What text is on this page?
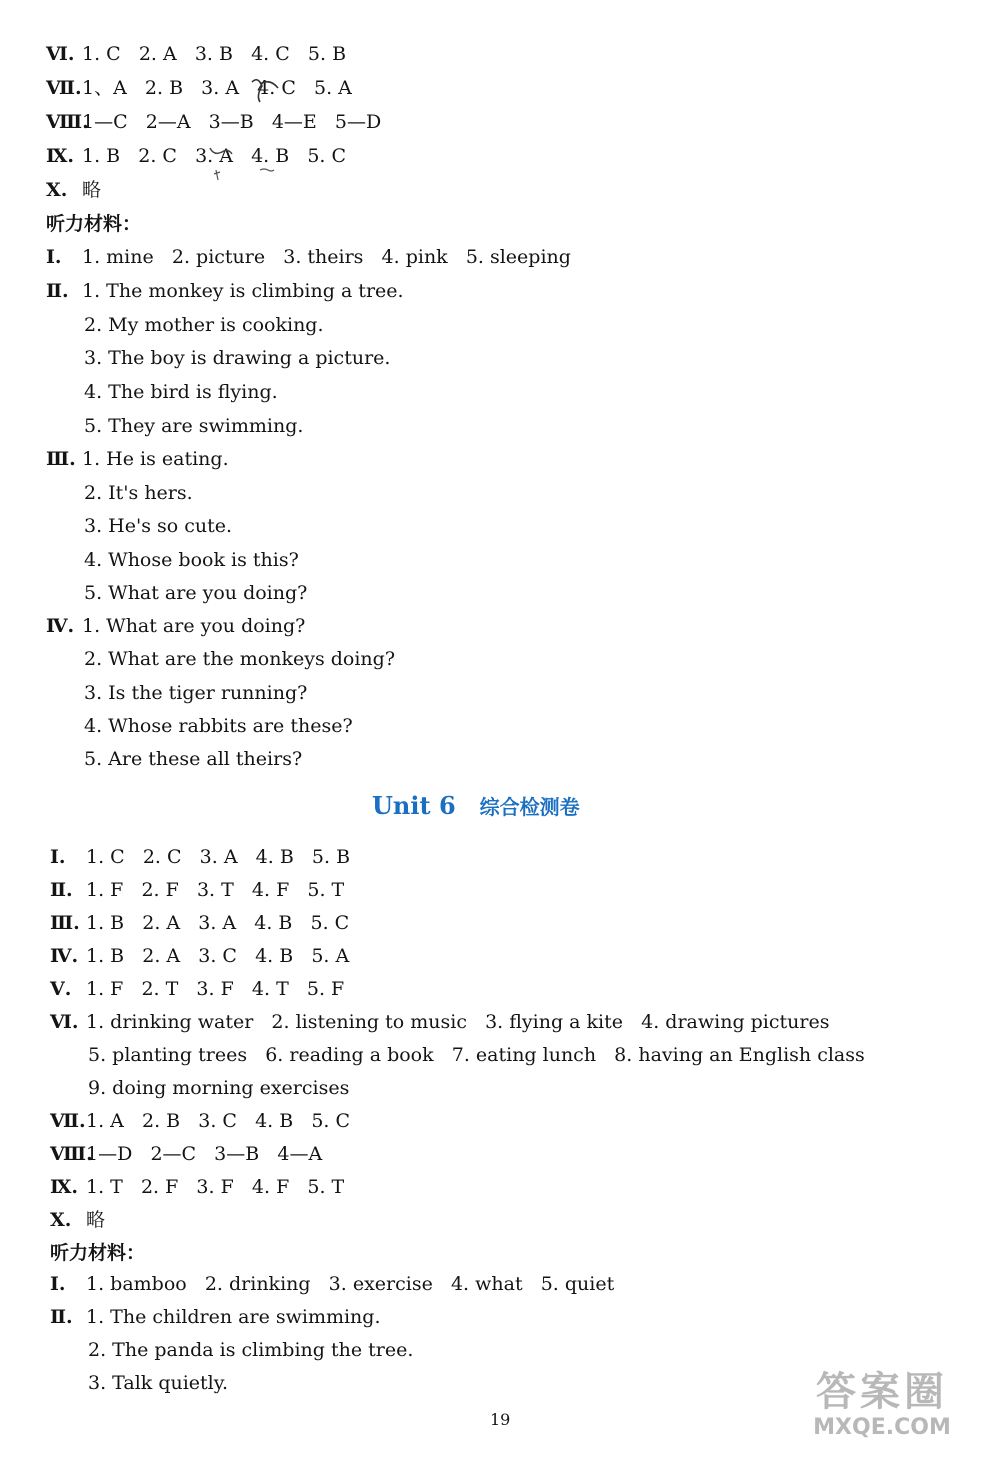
Ⅵ. 1. C   2. A   3. B   4. C   5. B
Ⅶ.1、A   2. B   3. A   4. C   5. A
Ⅷ.1—C   2—A   3—B   4—E   5—D
Ⅸ. 1. B   2. C   3. A   4. B   5. C
Ⅹ. 略
听力材料：
Ⅰ. 1. mine   2. picture   3. theirs   4. pink   5. sleeping
Ⅱ. 1. The monkey is climbing a tree.
2. My mother is cooking.
3. The boy is drawing a picture.
4. The bird is flying.
5. They are swimming.
Ⅲ. 1. He is eating.
2. It's hers.
3. He's so cute.
4. Whose book is this?
5. What are you doing?
Ⅳ. 1. What are you doing?
2. What are the monkeys doing?
3. Is the tiger running?
4. Whose rabbits are these?
5. Are these all theirs?
Unit 6 综合检测卷
Ⅰ. 1. C   2. C   3. A   4. B   5. B
Ⅱ. 1. F   2. F   3. T   4. F   5. T
Ⅲ. 1. B   2. A   3. A   4. B   5. C
Ⅳ. 1. B   2. A   3. C   4. B   5. A
Ⅴ. 1. F   2. T   3. F   4. T   5. F
Ⅵ. 1. drinking water   2. listening to music   3. flying a kite   4. drawing pictures
5. planting trees   6. reading a book   7. eating lunch   8. having an English class
9. doing morning exercises
Ⅶ.1. A   2. B   3. C   4. B   5. C
Ⅷ.1—D   2—C   3—B   4—A
Ⅸ. 1. T   2. F   3. F   4. F   5. T
Ⅹ. 略
听力材料：
Ⅰ. 1. bamboo   2. drinking   3. exercise   4. what   5. quiet
Ⅱ. 1. The children are swimming.
2. The panda is climbing the tree.
3. Talk quietly.
19
答案圈
MXQE.COM
